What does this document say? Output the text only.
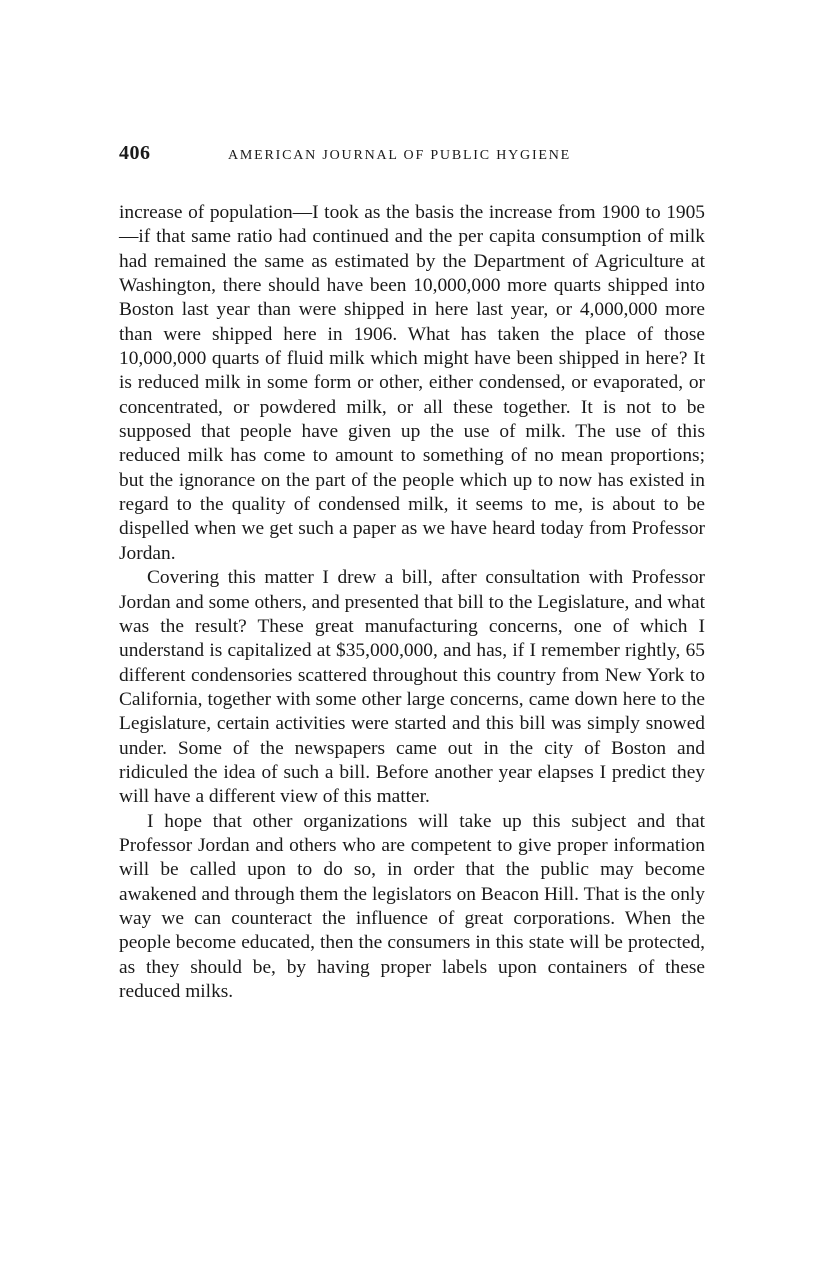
406	AMERICAN JOURNAL OF PUBLIC HYGIENE

increase of population—I took as the basis the increase from 1900 to 1905—if that same ratio had continued and the per capita consumption of milk had remained the same as estimated by the Department of Agriculture at Washington, there should have been 10,000,000 more quarts shipped into Boston last year than were shipped in here last year, or 4,000,000 more than were shipped here in 1906. What has taken the place of those 10,000,000 quarts of fluid milk which might have been shipped in here? It is reduced milk in some form or other, either condensed, or evaporated, or concentrated, or powdered milk, or all these together. It is not to be supposed that people have given up the use of milk. The use of this reduced milk has come to amount to something of no mean proportions; but the ignorance on the part of the people which up to now has existed in regard to the quality of condensed milk, it seems to me, is about to be dispelled when we get such a paper as we have heard today from Professor Jordan.

Covering this matter I drew a bill, after consultation with Professor Jordan and some others, and presented that bill to the Legislature, and what was the result? These great manufacturing concerns, one of which I understand is capitalized at $35,000,000, and has, if I remember rightly, 65 different condensories scattered throughout this country from New York to California, together with some other large concerns, came down here to the Legislature, certain activities were started and this bill was simply snowed under. Some of the newspapers came out in the city of Boston and ridiculed the idea of such a bill. Before another year elapses I predict they will have a different view of this matter.

I hope that other organizations will take up this subject and that Professor Jordan and others who are competent to give proper information will be called upon to do so, in order that the public may become awakened and through them the legislators on Beacon Hill. That is the only way we can counteract the influence of great corporations. When the people become educated, then the consumers in this state will be protected, as they should be, by having proper labels upon containers of these reduced milks.
